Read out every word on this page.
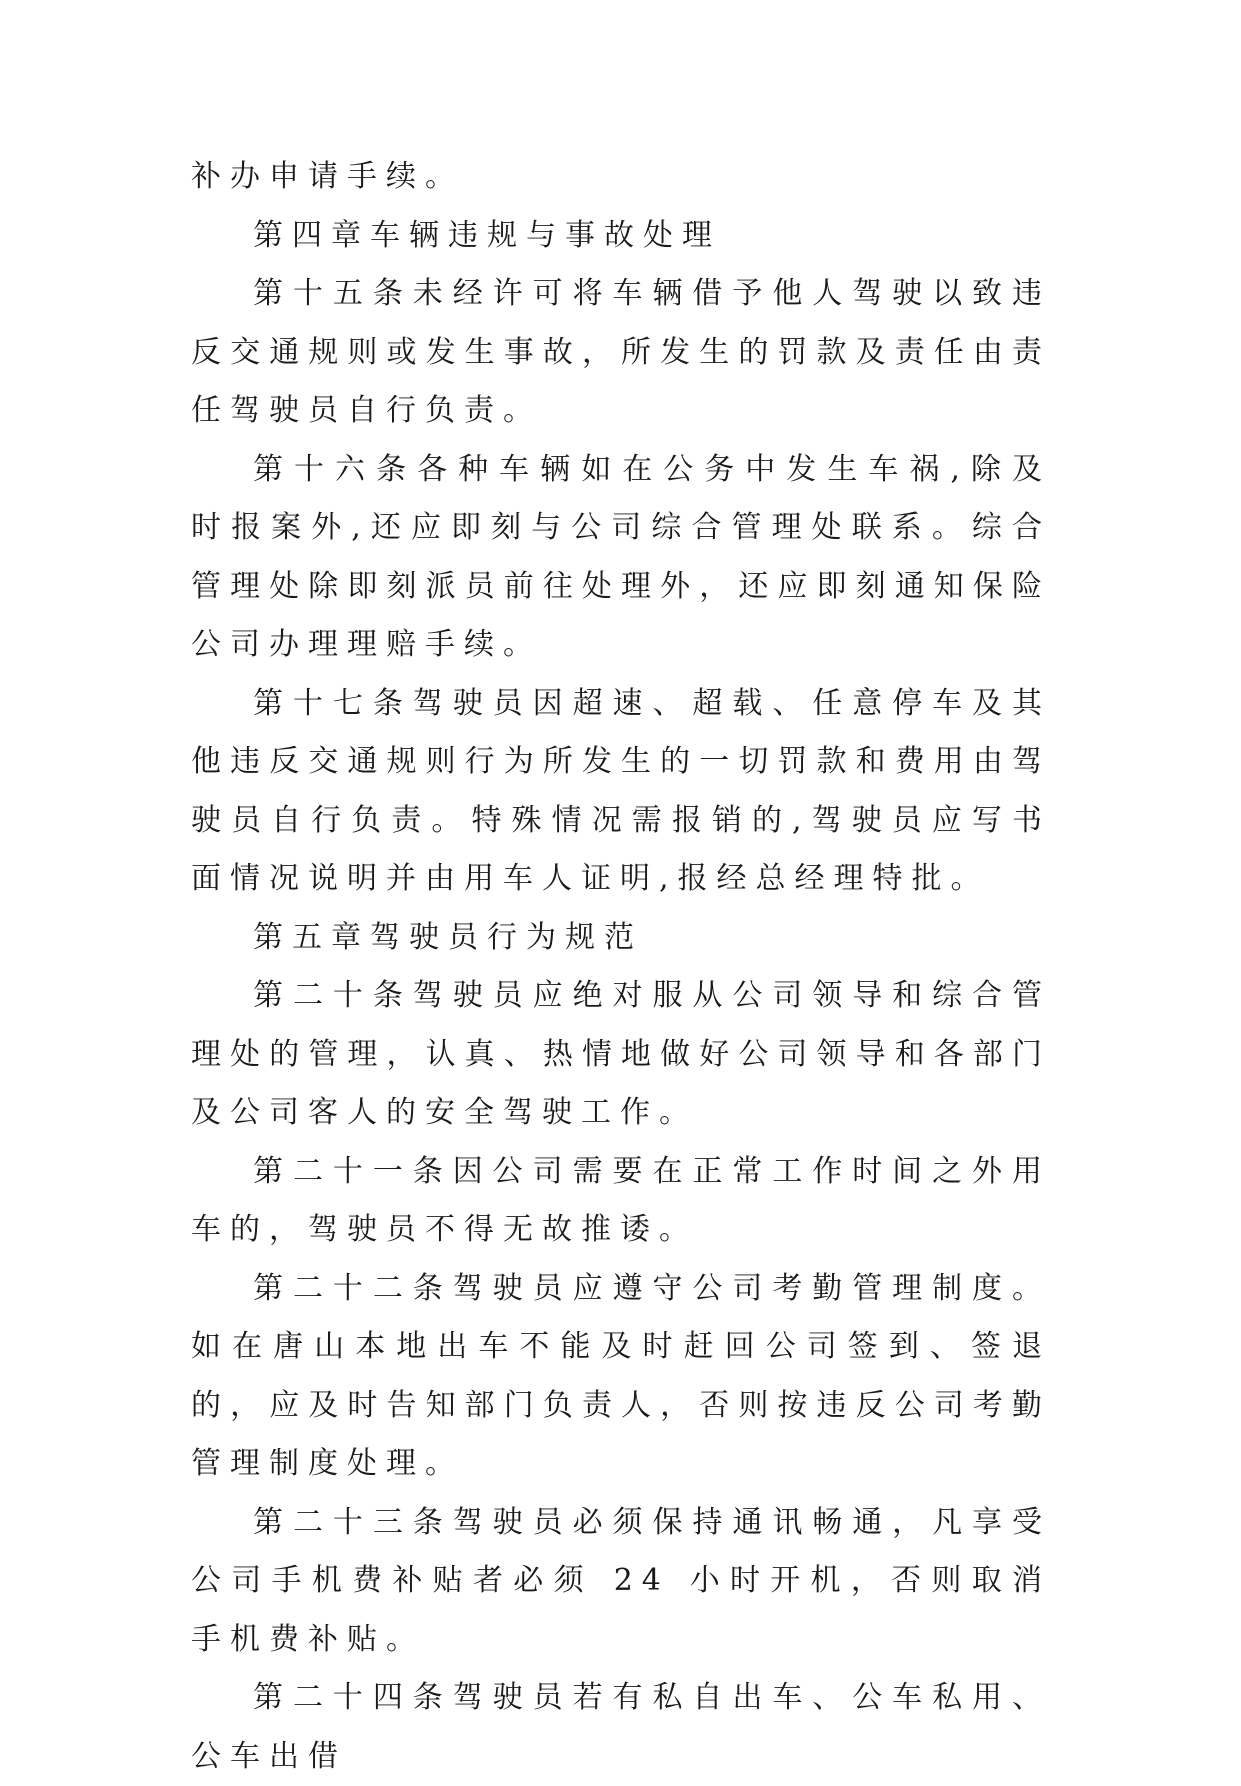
补办申请手续。

第四章车辆违规与事故处理

第十五条未经许可将车辆借予他人驾驶以致违反交通规则或发生事故，所发生的罚款及责任由责任驾驶员自行负责。

第十六条各种车辆如在公务中发生车祸,除及时报案外,还应即刻与公司综合管理处联系。综合管理处除即刻派员前往处理外，还应即刻通知保险公司办理理赔手续。

第十七条驾驶员因超速、超载、任意停车及其他违反交通规则行为所发生的一切罚款和费用由驾驶员自行负责。特殊情况需报销的,驾驶员应写书面情况说明并由用车人证明,报经总经理特批。

第五章驾驶员行为规范

第二十条驾驶员应绝对服从公司领导和综合管理处的管理，认真、热情地做好公司领导和各部门及公司客人的安全驾驶工作。

第二十一条因公司需要在正常工作时间之外用车的，驾驶员不得无故推诿。

第二十二条驾驶员应遵守公司考勤管理制度。如在唐山本地出车不能及时赶回公司签到、签退的，应及时告知部门负责人，否则按违反公司考勤管理制度处理。

第二十三条驾驶员必须保持通讯畅通，凡享受公司手机费补贴者必须 24 小时开机，否则取消手机费补贴。

第二十四条驾驶员若有私自出车、公车私用、公车出借
